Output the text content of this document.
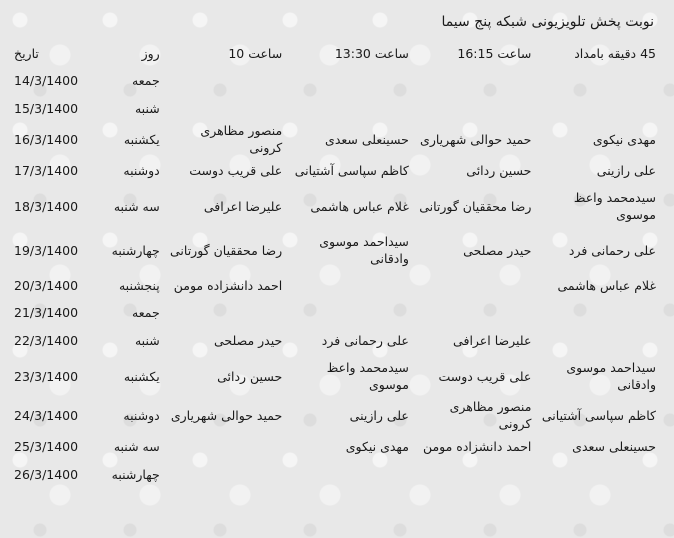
نوبت پخش تلویزیونی شبکه پنج سیما
45 دقیقه بامداد	ساعت 16:15	ساعت 13:30	ساعت 10	روز	تاریخ
				جمعه	14/3/1400
				شنبه	15/3/1400
مهدی نیکوی	حمید حوالی شهریاری	حسینعلی سعدی	منصور مظاهری کرونی	یکشنبه	16/3/1400
علی رازینی	حسین ردائی	کاظم سپاسی آشتیانی	علی قریب دوست	دوشنبه	17/3/1400
سیدمحمد واعظ موسوی	رضا محققیان گورتانی	غلام عباس هاشمی	علیرضا اعرافی	سه شنبه	18/3/1400
علی رحمانی فرد	حیدر مصلحی	سیداحمد موسوی وادقانی	رضا محققیان گورتانی	چهارشنبه	19/3/1400
غلام عباس هاشمی			احمد دانشزاده مومن	پنجشنبه	20/3/1400
				جمعه	21/3/1400
	علیرضا اعرافی	علی رحمانی فرد	حیدر مصلحی	شنبه	22/3/1400
سیداحمد موسوی وادقانی	علی قریب دوست	سیدمحمد واعظ موسوی	حسین ردائی	یکشنبه	23/3/1400
کاظم سپاسی آشتیانی	منصور مظاهری کرونی	علی رازینی	حمید حوالی شهریاری	دوشنبه	24/3/1400
حسینعلی سعدی	احمد دانشزاده مومن	مهدی نیکوی		سه شنبه	25/3/1400
				چهارشنبه	26/3/1400
